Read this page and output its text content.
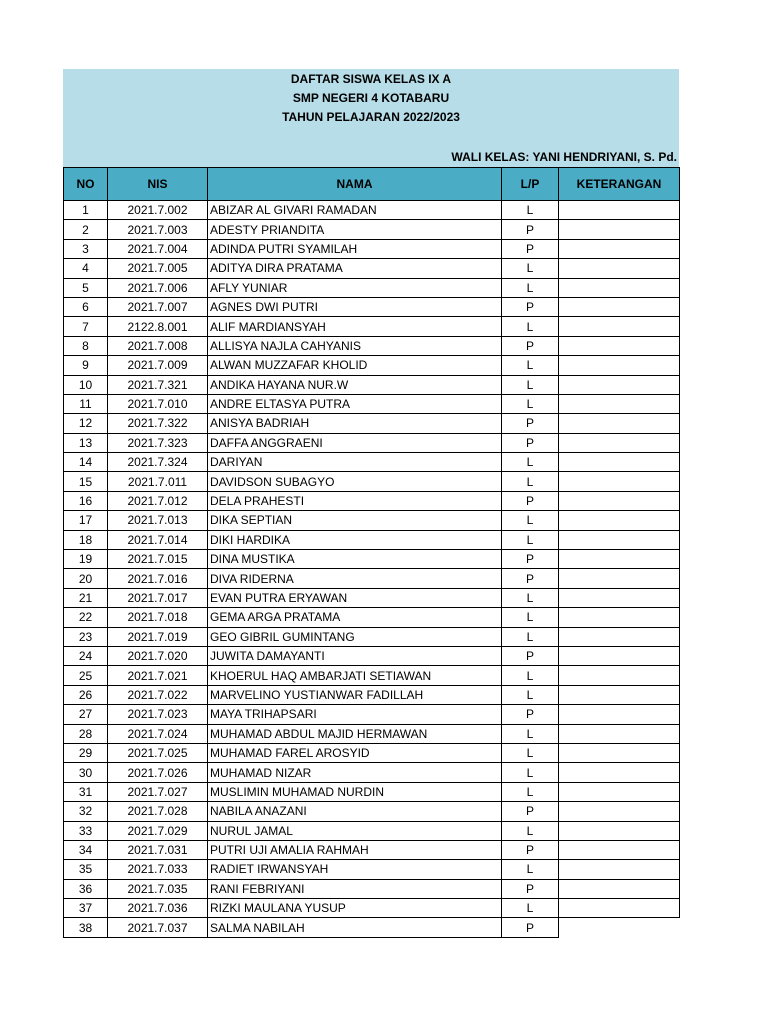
DAFTAR SISWA KELAS IX A
SMP NEGERI 4 KOTABARU
TAHUN PELAJARAN 2022/2023
WALI KELAS: YANI HENDRIYANI, S. Pd.
NO	NIS	NAMA	L/P	KETERANGAN
1	2021.7.002	ABIZAR AL GIVARI RAMADAN	L	
2	2021.7.003	ADESTY PRIANDITA	P	
3	2021.7.004	ADINDA PUTRI SYAMILAH	P	
4	2021.7.005	ADITYA DIRA PRATAMA	L	
5	2021.7.006	AFLY YUNIAR	L	
6	2021.7.007	AGNES DWI PUTRI	P	
7	2122.8.001	ALIF MARDIANSYAH	L	
8	2021.7.008	ALLISYA NAJLA CAHYANIS	P	
9	2021.7.009	ALWAN MUZZAFAR KHOLID	L	
10	2021.7.321	ANDIKA HAYANA NUR.W	L	
11	2021.7.010	ANDRE ELTASYA PUTRA	L	
12	2021.7.322	ANISYA BADRIAH	P	
13	2021.7.323	DAFFA ANGGRAENI	P	
14	2021.7.324	DARIYAN	L	
15	2021.7.011	DAVIDSON SUBAGYO	L	
16	2021.7.012	DELA PRAHESTI	P	
17	2021.7.013	DIKA SEPTIAN	L	
18	2021.7.014	DIKI HARDIKA	L	
19	2021.7.015	DINA MUSTIKA	P	
20	2021.7.016	DIVA RIDERNA	P	
21	2021.7.017	EVAN PUTRA ERYAWAN	L	
22	2021.7.018	GEMA ARGA PRATAMA	L	
23	2021.7.019	GEO GIBRIL GUMINTANG	L	
24	2021.7.020	JUWITA DAMAYANTI	P	
25	2021.7.021	KHOERUL HAQ AMBARJATI SETIAWAN	L	
26	2021.7.022	MARVELINO YUSTIANWAR FADILLAH	L	
27	2021.7.023	MAYA TRIHAPSARI	P	
28	2021.7.024	MUHAMAD ABDUL MAJID HERMAWAN	L	
29	2021.7.025	MUHAMAD FAREL AROSYID	L	
30	2021.7.026	MUHAMAD NIZAR	L	
31	2021.7.027	MUSLIMIN MUHAMAD NURDIN	L	
32	2021.7.028	NABILA ANAZANI	P	
33	2021.7.029	NURUL JAMAL	L	
34	2021.7.031	PUTRI UJI AMALIA RAHMAH	P	
35	2021.7.033	RADIET IRWANSYAH	L	
36	2021.7.035	RANI FEBRIYANI	P	
37	2021.7.036	RIZKI MAULANA YUSUP	L	
38	2021.7.037	SALMA NABILAH	P	
